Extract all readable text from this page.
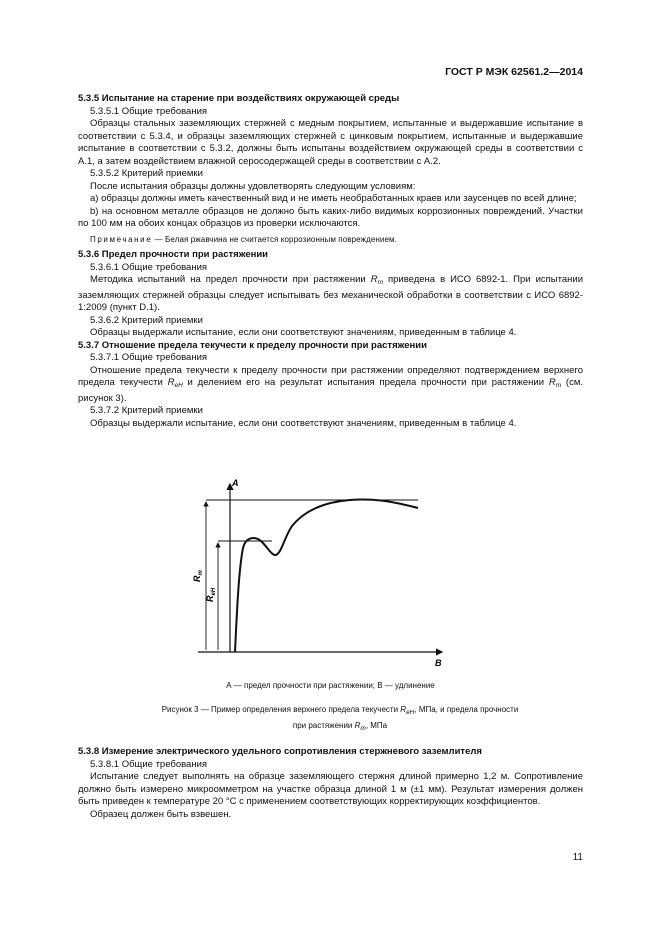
ГОСТ Р МЭК 62561.2—2014

5.3.5 Испытание на старение при воздействиях окружающей среды

5.3.5.1 Общие требования

Образцы стальных заземляющих стержней с медным покрытием, испытанные и выдержавшие испытание в соответствии с 5.3.4, и образцы заземляющих стержней с цинковым покрытием, испытанные и выдержавшие испытание в соответствии с 5.3.2, должны быть испытаны воздействием окружающей среды в соответствии с А.1, а затем воздействием влажной серосодержащей среды в соответствии с А.2.

5.3.5.2 Критерий приемки

После испытания образцы должны удовлетворять следующим условиям:

а) образцы должны иметь качественный вид и не иметь необработанных краев или заусенцев по всей длине;

b) на основном металле образцов не должно быть каких-либо видимых коррозионных повреждений. Участки по 100 мм на обоих концах образцов из проверки исключаются.

Примечание — Белая ржавчина не считается коррозионным повреждением.

5.3.6 Предел прочности при растяжении

5.3.6.1 Общие требования

Методика испытаний на предел прочности при растяжении $R_m$ приведена в ИСО 6892-1. При испытании заземляющих стержней образцы следует испытывать без механической обработки в соответствии с ИСО 6892-1:2009 (пункт D.1).

5.3.6.2 Критерий приемки

Образцы выдержали испытание, если они соответствуют значениям, приведенным в таблице 4.

5.3.7 Отношение предела текучести к пределу прочности при растяжении

5.3.7.1 Общие требования

Отношение предела текучести к пределу прочности при растяжении определяют подтверждением верхнего предела текучести $R_{eH}$ и делением его на результат испытания предела прочности при растяжении $R_m$ (см. рисунок 3).

5.3.7.2 Критерий приемки

Образцы выдержали испытание, если они соответствуют значениям, приведенным в таблице 4.

A
B
$R_m$
$R_{eH}$
А — предел прочности при растяжении; В — удлинение
Рисунок 3 — Пример определения верхнего предела текучести $R_{eH}$, МПа, и предела прочности
при растяжении $R_m$, МПа

5.3.8 Измерение электрического удельного сопротивления стержневого заземлителя

5.3.8.1 Общие требования

Испытание следует выполнять на образце заземляющего стержня длиной примерно 1,2 м. Сопротивление должно быть измерено микроомметром на участке образца длиной 1 м (±1 мм). Результат измерения должен быть приведен к температуре 20 °С с применением соответствующих корректирующих коэффициентов.

Образец должен быть взвешен.

11
